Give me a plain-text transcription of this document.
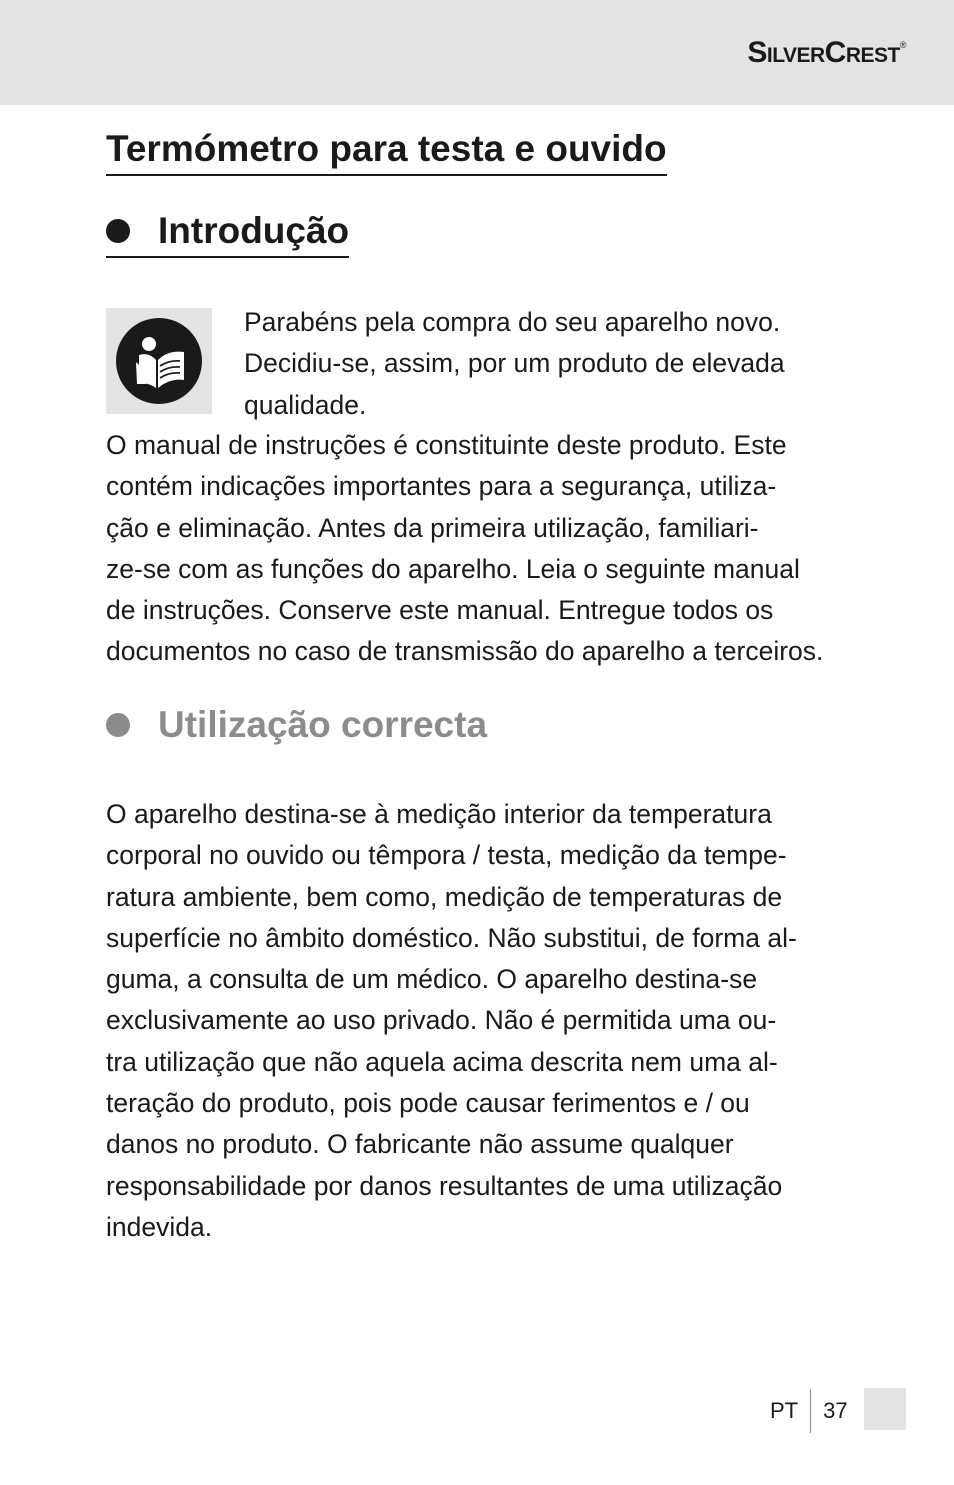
SilverCrest®
Termómetro para testa e ouvido
Introdução
Parabéns pela compra do seu aparelho novo.
Decidiu-se, assim, por um produto de elevada
qualidade.
O manual de instruções é constituinte deste produto. Este
contém indicações importantes para a segurança, utiliza-
ção e eliminação. Antes da primeira utilização, familiari-
ze-se com as funções do aparelho. Leia o seguinte manual
de instruções. Conserve este manual. Entregue todos os
documentos no caso de transmissão do aparelho a terceiros.
Utilização correcta
O aparelho destina-se à medição interior da temperatura
corporal no ouvido ou têmpora / testa, medição da tempe-
ratura ambiente, bem como, medição de temperaturas de
superfície no âmbito doméstico. Não substitui, de forma al-
guma, a consulta de um médico. O aparelho destina-se
exclusivamente ao uso privado. Não é permitida uma ou-
tra utilização que não aquela acima descrita nem uma al-
teração do produto, pois pode causar ferimentos e / ou
danos no produto. O fabricante não assume qualquer
responsabilidade por danos resultantes de uma utilização
indevida.
PT 37
